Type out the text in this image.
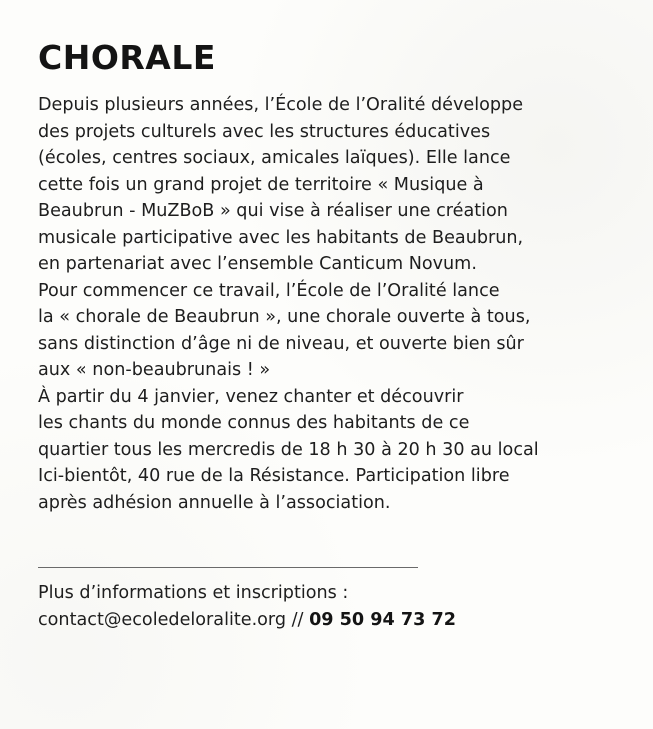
CHORALE
Depuis plusieurs années, l’École de l’Oralité développe
des projets culturels avec les structures éducatives
(écoles, centres sociaux, amicales laïques). Elle lance
cette fois un grand projet de territoire « Musique à
Beaubrun - MuZBoB » qui vise à réaliser une création
musicale participative avec les habitants de Beaubrun,
en partenariat avec l’ensemble Canticum Novum.
Pour commencer ce travail, l’École de l’Oralité lance
la « chorale de Beaubrun », une chorale ouverte à tous,
sans distinction d’âge ni de niveau, et ouverte bien sûr
aux « non-beaubrunais ! »
À partir du 4 janvier, venez chanter et découvrir
les chants du monde connus des habitants de ce
quartier tous les mercredis de 18 h 30 à 20 h 30 au local
Ici-bientôt, 40 rue de la Résistance. Participation libre
après adhésion annuelle à l’association.
Plus d’informations et inscriptions :
contact@ecoledeloralite.org // 09 50 94 73 72
